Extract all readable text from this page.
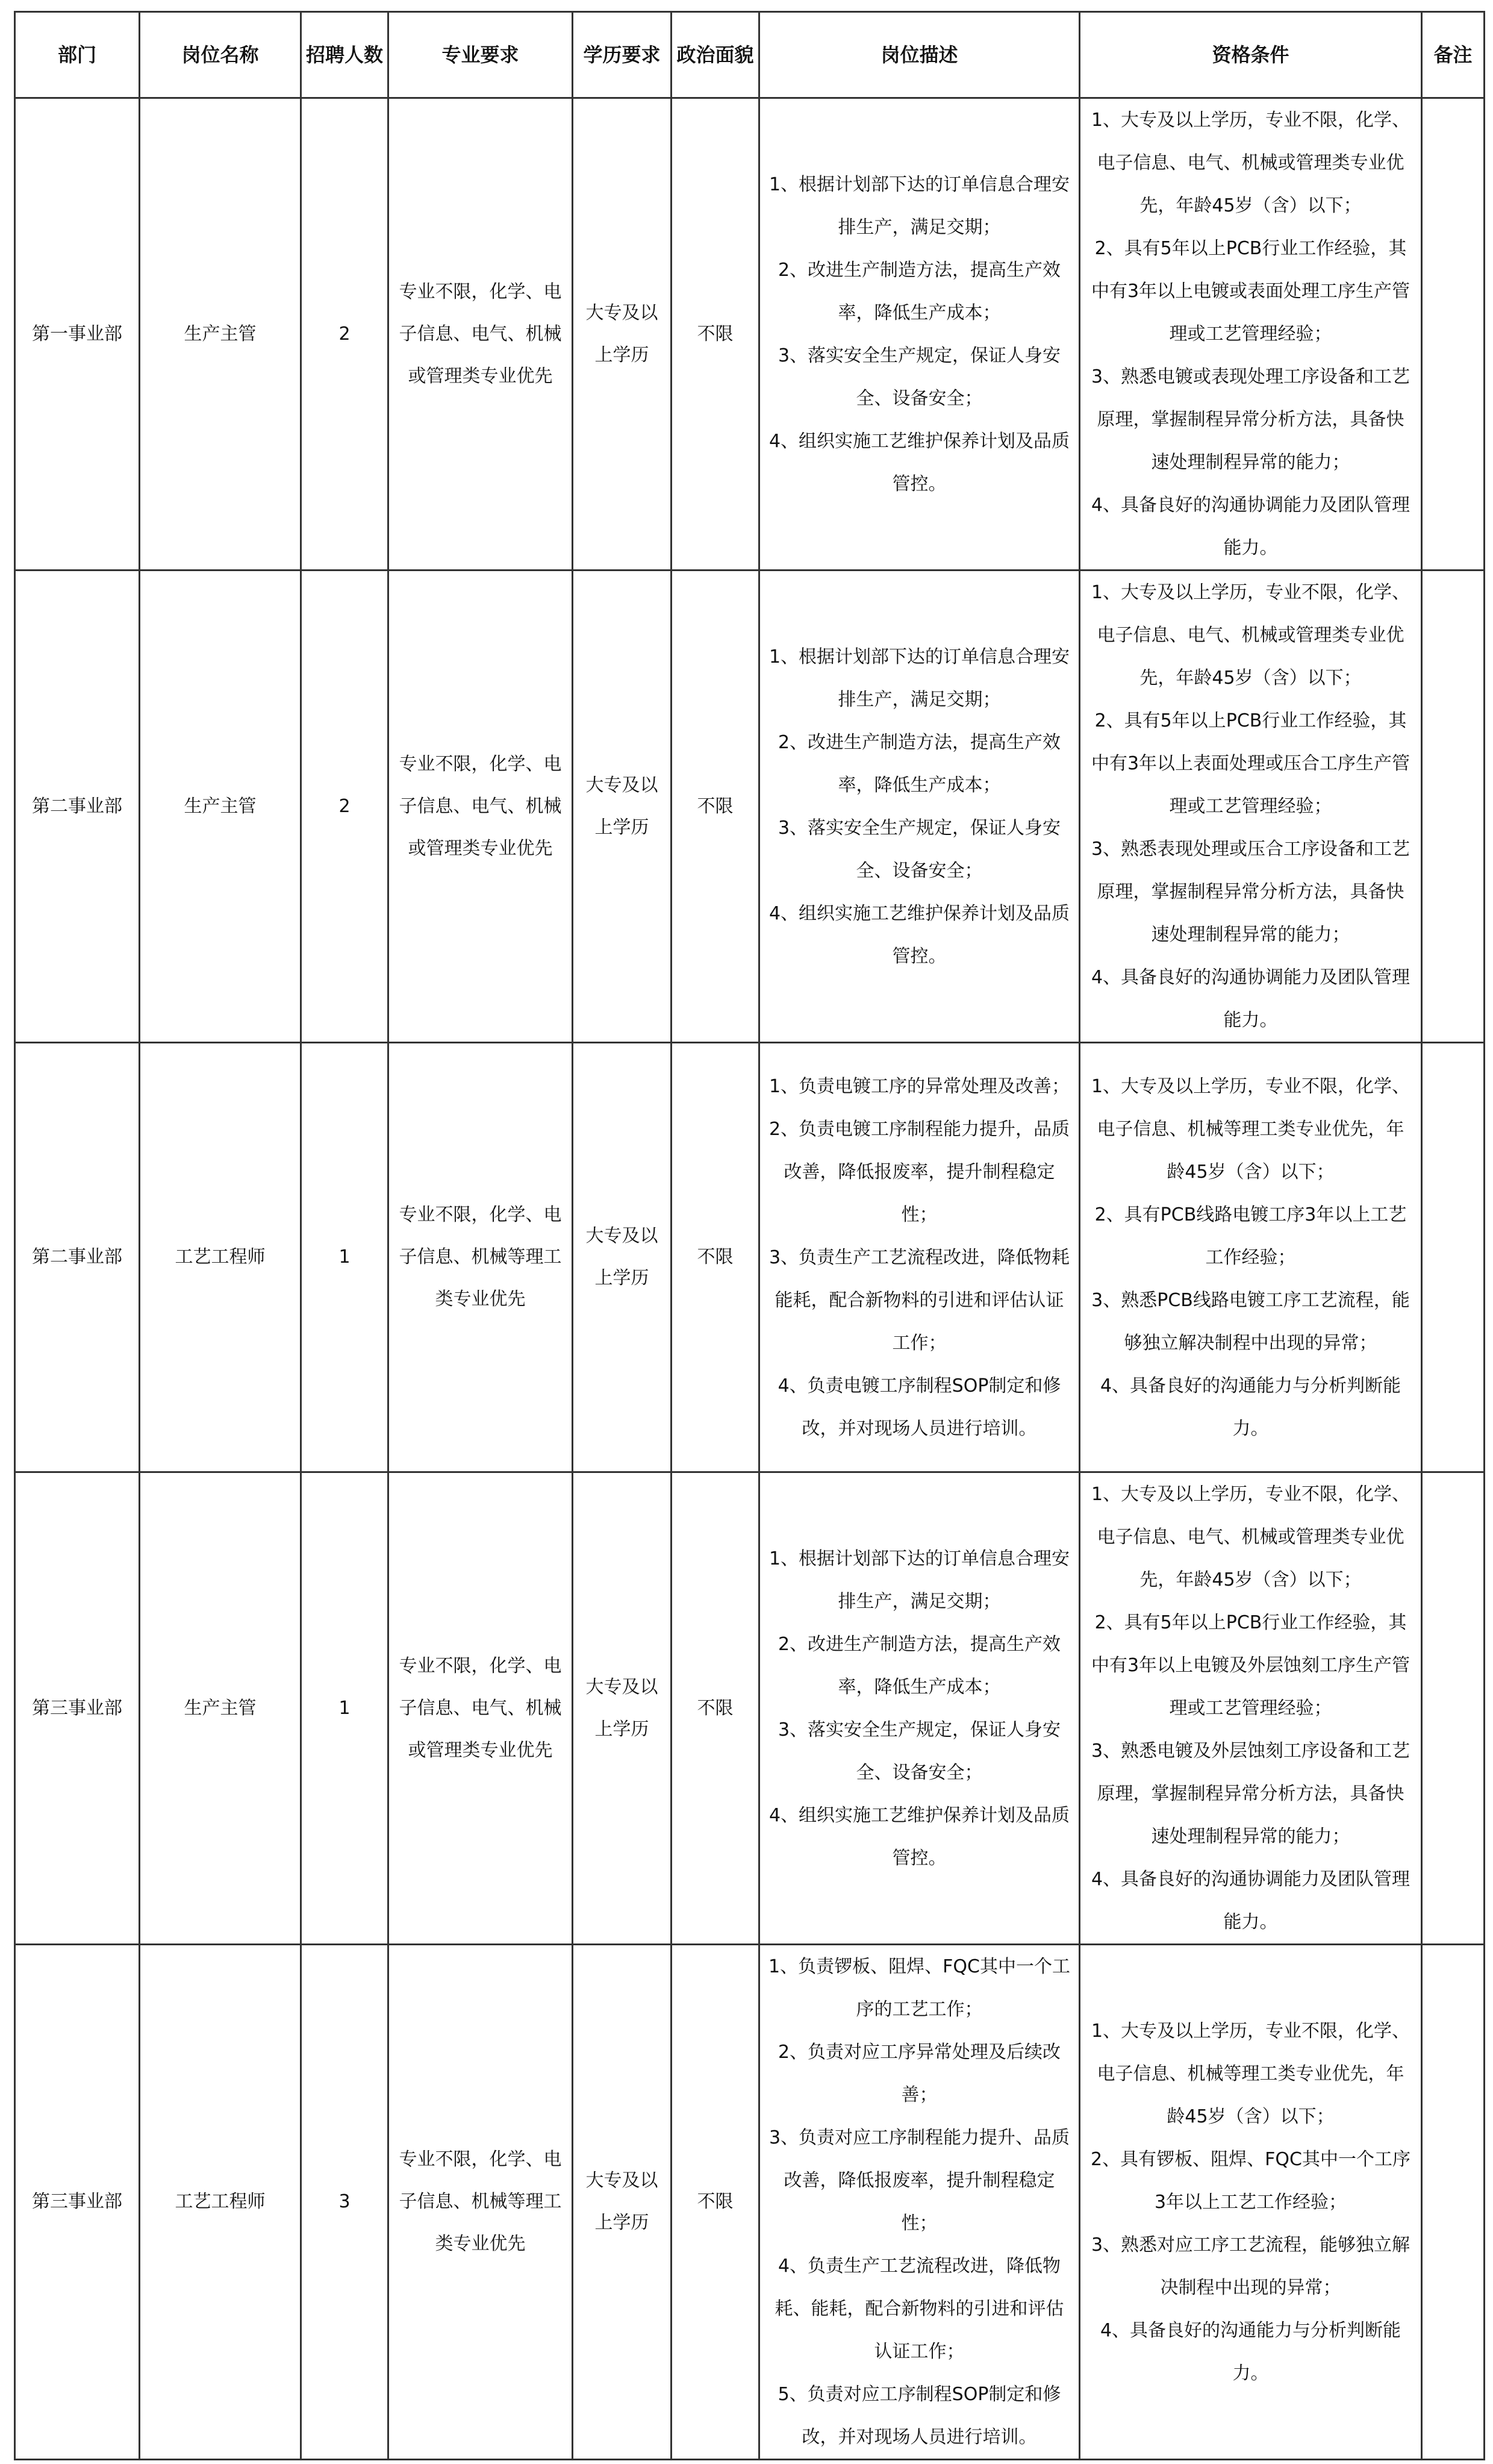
部门	岗位名称	招聘人数	专业要求	学历要求	政治面貌	岗位描述	资格条件	备注
第一事业部	生产主管	2	专业不限，化学、电子信息、电气、机械或管理类专业优先	大专及以上学历	不限	1、根据计划部下达的订单信息合理安排生产，满足交期；
2、改进生产制造方法，提高生产效率，降低生产成本；
3、落实安全生产规定，保证人身安全、设备安全；
4、组织实施工艺维护保养计划及品质管控。	1、大专及以上学历，专业不限，化学、电子信息、电气、机械或管理类专业优先，年龄45岁（含）以下；
2、具有5年以上PCB行业工作经验，其中有3年以上电镀或表面处理工序生产管理或工艺管理经验；
3、熟悉电镀或表现处理工序设备和工艺原理，掌握制程异常分析方法，具备快速处理制程异常的能力；
4、具备良好的沟通协调能力及团队管理能力。	

第二事业部	生产主管	2	专业不限，化学、电子信息、电气、机械或管理类专业优先	大专及以上学历	不限	1、根据计划部下达的订单信息合理安排生产，满足交期；
2、改进生产制造方法，提高生产效率，降低生产成本；
3、落实安全生产规定，保证人身安全、设备安全；
4、组织实施工艺维护保养计划及品质管控。	1、大专及以上学历，专业不限，化学、电子信息、电气、机械或管理类专业优先，年龄45岁（含）以下；
2、具有5年以上PCB行业工作经验，其中有3年以上表面处理或压合工序生产管理或工艺管理经验；
3、熟悉表现处理或压合工序设备和工艺原理，掌握制程异常分析方法，具备快速处理制程异常的能力；
4、具备良好的沟通协调能力及团队管理能力。	

第二事业部	工艺工程师	1	专业不限，化学、电子信息、机械等理工类专业优先	大专及以上学历	不限	1、负责电镀工序的异常处理及改善；
2、负责电镀工序制程能力提升，品质改善，降低报废率，提升制程稳定性；
3、负责生产工艺流程改进，降低物耗能耗，配合新物料的引进和评估认证工作；
4、负责电镀工序制程SOP制定和修改，并对现场人员进行培训。	1、大专及以上学历，专业不限，化学、电子信息、机械等理工类专业优先，年龄45岁（含）以下；
2、具有PCB线路电镀工序3年以上工艺工作经验；
3、熟悉PCB线路电镀工序工艺流程，能够独立解决制程中出现的异常；
4、具备良好的沟通能力与分析判断能力。	

第三事业部	生产主管	1	专业不限，化学、电子信息、电气、机械或管理类专业优先	大专及以上学历	不限	1、根据计划部下达的订单信息合理安排生产，满足交期；
2、改进生产制造方法，提高生产效率，降低生产成本；
3、落实安全生产规定，保证人身安全、设备安全；
4、组织实施工艺维护保养计划及品质管控。	1、大专及以上学历，专业不限，化学、电子信息、电气、机械或管理类专业优先，年龄45岁（含）以下；
2、具有5年以上PCB行业工作经验，其中有3年以上电镀及外层蚀刻工序生产管理或工艺管理经验；
3、熟悉电镀及外层蚀刻工序设备和工艺原理，掌握制程异常分析方法，具备快速处理制程异常的能力；
4、具备良好的沟通协调能力及团队管理能力。	

第三事业部	工艺工程师	3	专业不限，化学、电子信息、机械等理工类专业优先	大专及以上学历	不限	1、负责锣板、阻焊、FQC其中一个工序的工艺工作；
2、负责对应工序异常处理及后续改善；
3、负责对应工序制程能力提升、品质改善，降低报废率，提升制程稳定性；
4、负责生产工艺流程改进，降低物耗、能耗，配合新物料的引进和评估认证工作；
5、负责对应工序制程SOP制定和修改，并对现场人员进行培训。	1、大专及以上学历，专业不限，化学、电子信息、机械等理工类专业优先，年龄45岁（含）以下；
2、具有锣板、阻焊、FQC其中一个工序3年以上工艺工作经验；
3、熟悉对应工序工艺流程，能够独立解决制程中出现的异常；
4、具备良好的沟通能力与分析判断能力。	
